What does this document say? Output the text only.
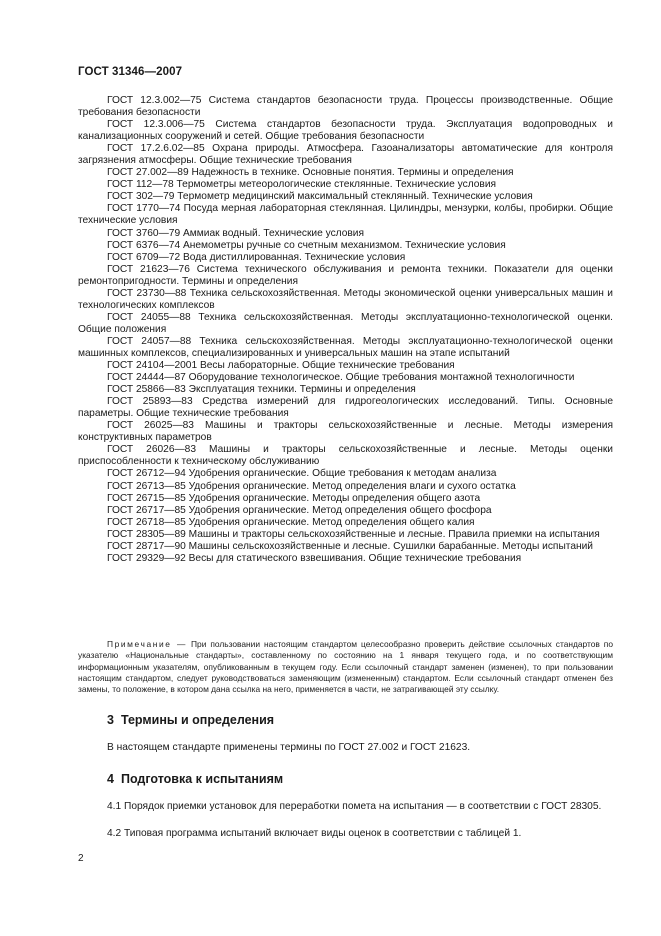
ГОСТ 31346—2007

ГОСТ 12.3.002—75 Система стандартов безопасности труда. Процессы производственные. Общие требования безопасности

ГОСТ 12.3.006—75 Система стандартов безопасности труда. Эксплуатация водопроводных и канализационных сооружений и сетей. Общие требования безопасности

ГОСТ 17.2.6.02—85 Охрана природы. Атмосфера. Газоанализаторы автоматические для контроля загрязнения атмосферы. Общие технические требования

ГОСТ 27.002—89 Надежность в технике. Основные понятия. Термины и определения

ГОСТ 112—78 Термометры метеорологические стеклянные. Технические условия

ГОСТ 302—79 Термометр медицинский максимальный стеклянный. Технические условия

ГОСТ 1770—74 Посуда мерная лабораторная стеклянная. Цилиндры, мензурки, колбы, пробирки. Общие технические условия

ГОСТ 3760—79 Аммиак водный. Технические условия

ГОСТ 6376—74 Анемометры ручные со счетным механизмом. Технические условия

ГОСТ 6709—72 Вода дистиллированная. Технические условия

ГОСТ 21623—76 Система технического обслуживания и ремонта техники. Показатели для оценки ремонтопригодности. Термины и определения

ГОСТ 23730—88 Техника сельскохозяйственная. Методы экономической оценки универсальных машин и технологических комплексов

ГОСТ 24055—88 Техника сельскохозяйственная. Методы эксплуатационно-технологической оценки. Общие положения

ГОСТ 24057—88 Техника сельскохозяйственная. Методы эксплуатационно-технологической оценки машинных комплексов, специализированных и универсальных машин на этапе испытаний

ГОСТ 24104—2001 Весы лабораторные. Общие технические требования

ГОСТ 24444—87 Оборудование технологическое. Общие требования монтажной технологичности

ГОСТ 25866—83 Эксплуатация техники. Термины и определения

ГОСТ 25893—83 Средства измерений для гидрогеологических исследований. Типы. Основные параметры. Общие технические требования

ГОСТ 26025—83 Машины и тракторы сельскохозяйственные и лесные. Методы измерения конструктивных параметров

ГОСТ 26026—83 Машины и тракторы сельскохозяйственные и лесные. Методы оценки приспособленности к техническому обслуживанию

ГОСТ 26712—94 Удобрения органические. Общие требования к методам анализа

ГОСТ 26713—85 Удобрения органические. Метод определения влаги и сухого остатка

ГОСТ 26715—85 Удобрения органические. Методы определения общего азота

ГОСТ 26717—85 Удобрения органические. Метод определения общего фосфора

ГОСТ 26718—85 Удобрения органические. Метод определения общего калия

ГОСТ 28305—89 Машины и тракторы сельскохозяйственные и лесные. Правила приемки на испытания

ГОСТ 28717—90 Машины сельскохозяйственные и лесные. Сушилки барабанные. Методы испытаний

ГОСТ 29329—92 Весы для статического взвешивания. Общие технические требования

Примечание — При пользовании настоящим стандартом целесообразно проверить действие ссылочных стандартов по указателю «Национальные стандарты», составленному по состоянию на 1 января текущего года, и по соответствующим информационным указателям, опубликованным в текущем году. Если ссылочный стандарт заменен (изменен), то при пользовании настоящим стандартом, следует руководствоваться заменяющим (измененным) стандартом. Если ссылочный стандарт отменен без замены, то положение, в котором дана ссылка на него, применяется в части, не затрагивающей эту ссылку.
3 Термины и определения

В настоящем стандарте применены термины по ГОСТ 27.002 и ГОСТ 21623.

4 Подготовка к испытаниям

4.1 Порядок приемки установок для переработки помета на испытания — в соответствии с ГОСТ 28305.

4.2 Типовая программа испытаний включает виды оценок в соответствии с таблицей 1.

2
